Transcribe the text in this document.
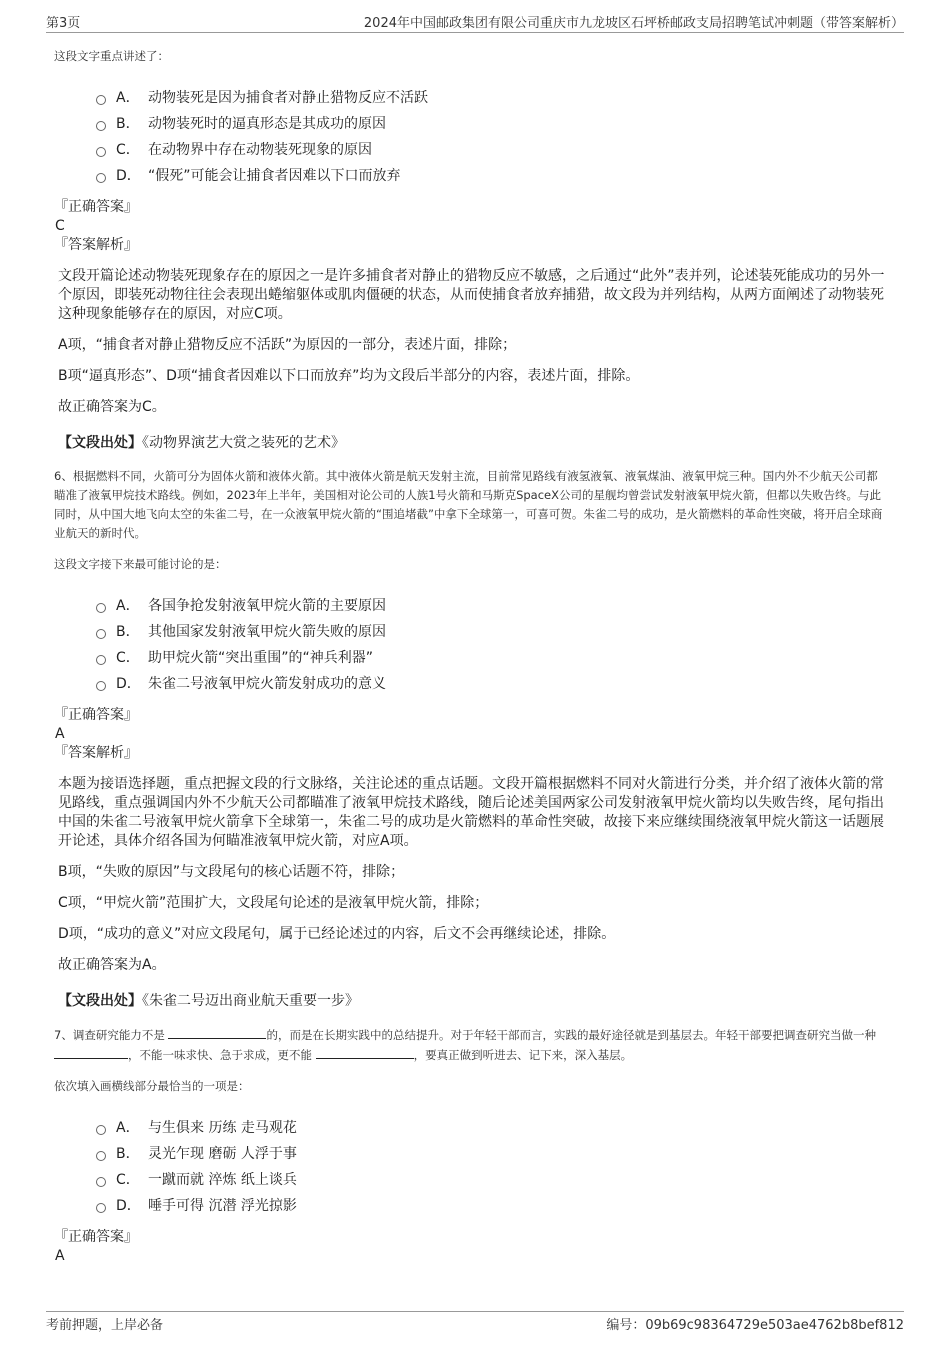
第3页	2024年中国邮政集团有限公司重庆市九龙坡区石坪桥邮政支局招聘笔试冲刺题（带答案解析）
这段文字重点讲述了：
A． 动物装死是因为捕食者对静止猎物反应不活跃
B． 动物装死时的逼真形态是其成功的原因
C． 在动物界中存在动物装死现象的原因
D． “假死”可能会让捕食者因难以下口而放弃
『正确答案』
C
『答案解析』
文段开篇论述动物装死现象存在的原因之一是许多捕食者对静止的猎物反应不敏感，之后通过“此外”表并列，论述装死能成功的另外一个原因，即装死动物往往会表现出蜷缩躯体或肌肉僵硬的状态，从而使捕食者放弃捕猎，故文段为并列结构，从两方面阐述了动物装死这种现象能够存在的原因，对应C项。
A项，“捕食者对静止猎物反应不活跃”为原因的一部分，表述片面，排除；
B项“逼真形态”、D项“捕食者因难以下口而放弃”均为文段后半部分的内容，表述片面，排除。
故正确答案为C。
【文段出处】《动物界演艺大赏之装死的艺术》
6、根据燃料不同，火箭可分为固体火箭和液体火箭。其中液体火箭是航天发射主流，目前常见路线有液氢液氧、液氧煤油、液氧甲烷三种。国内外不少航天公司都瞄准了液氧甲烷技术路线。例如，2023年上半年，美国相对论公司的人族1号火箭和马斯克SpaceX公司的星舰均曾尝试发射液氧甲烷火箭，但都以失败告终。与此同时，从中国大地飞向太空的朱雀二号，在一众液氧甲烷火箭的“围追堵截”中拿下全球第一，可喜可贺。朱雀二号的成功，是火箭燃料的革命性突破，将开启全球商业航天的新时代。
这段文字接下来最可能讨论的是：
A． 各国争抢发射液氧甲烷火箭的主要原因
B． 其他国家发射液氧甲烷火箭失败的原因
C． 助甲烷火箭“突出重围”的“神兵利器”
D． 朱雀二号液氧甲烷火箭发射成功的意义
『正确答案』
A
『答案解析』
本题为接语选择题，重点把握文段的行文脉络，关注论述的重点话题。文段开篇根据燃料不同对火箭进行分类，并介绍了液体火箭的常见路线，重点强调国内外不少航天公司都瞄准了液氧甲烷技术路线，随后论述美国两家公司发射液氧甲烷火箭均以失败告终，尾句指出中国的朱雀二号液氧甲烷火箭拿下全球第一，朱雀二号的成功是火箭燃料的革命性突破，故接下来应继续围绕液氧甲烷火箭这一话题展开论述，具体介绍各国为何瞄准液氧甲烷火箭，对应A项。
B项，“失败的原因”与文段尾句的核心话题不符，排除；
C项，“甲烷火箭”范围扩大，文段尾句论述的是液氧甲烷火箭，排除；
D项，“成功的意义”对应文段尾句，属于已经论述过的内容，后文不会再继续论述，排除。
故正确答案为A。
【文段出处】《朱雀二号迈出商业航天重要一步》
7、调查研究能力不是	的，而是在长期实践中的总结提升。对于年轻干部而言，实践的最好途径就是到基层去。年轻干部要把调查研究当做一种 ，不能一味求快、急于求成，更不能	，要真正做到听进去、记下来，深入基层。
依次填入画横线部分最恰当的一项是：
A． 与生俱来 历练 走马观花
B． 灵光乍现 磨砺 人浮于事
C． 一蹴而就 淬炼 纸上谈兵
D． 唾手可得 沉潜 浮光掠影
『正确答案』
A
考前押题，上岸必备	编号：09b69c98364729e503ae4762b8bef812
